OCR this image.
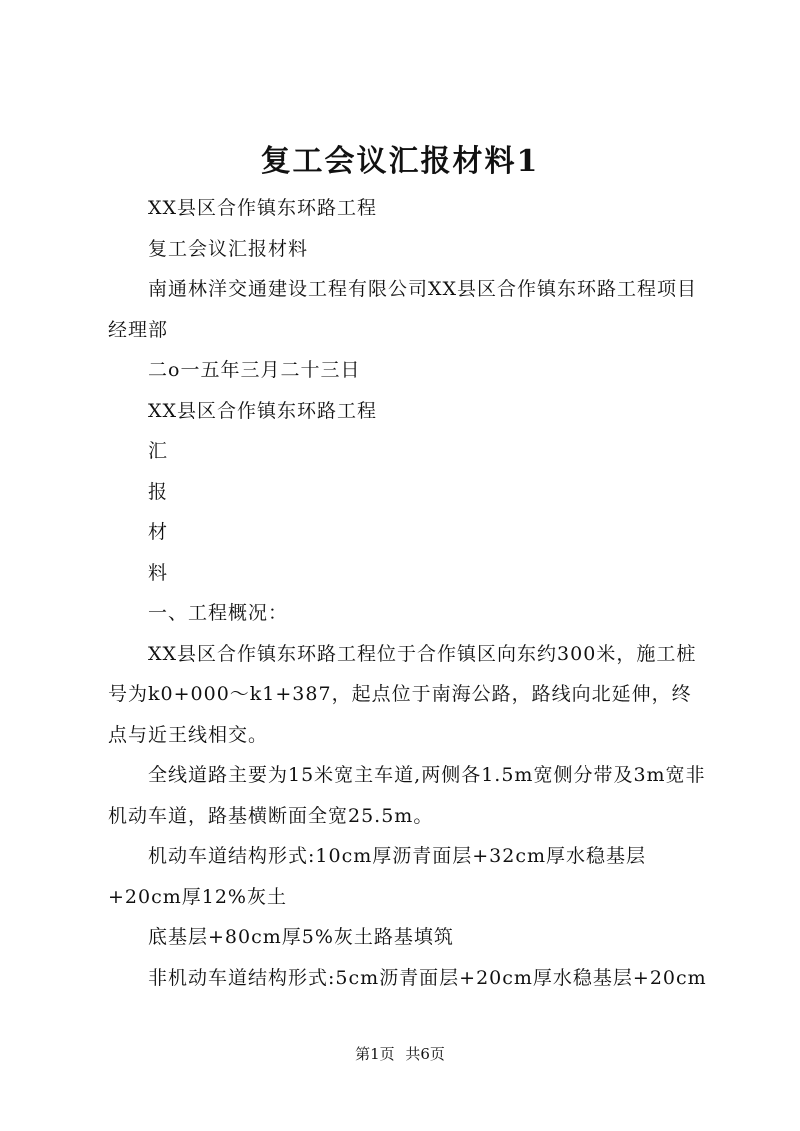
复工会议汇报材料1

XX县区合作镇东环路工程

复工会议汇报材料

南通林洋交通建设工程有限公司XX县区合作镇东环路工程项目经理部

二o一五年三月二十三日

XX县区合作镇东环路工程

汇

报

材

料

一、工程概况：

XX县区合作镇东环路工程位于合作镇区向东约300米，施工桩号为k0+000～k1+387，起点位于南海公路，路线向北延伸，终点与近王线相交。

全线道路主要为15米宽主车道,两侧各1.5m宽侧分带及3m宽非机动车道，路基横断面全宽25.5m。

机动车道结构形式:10cm厚沥青面层+32cm厚水稳基层+20cm厚12%灰土

底基层+80cm厚5%灰土路基填筑

非机动车道结构形式:5cm沥青面层+20cm厚水稳基层+20cm

第1页 共6页
